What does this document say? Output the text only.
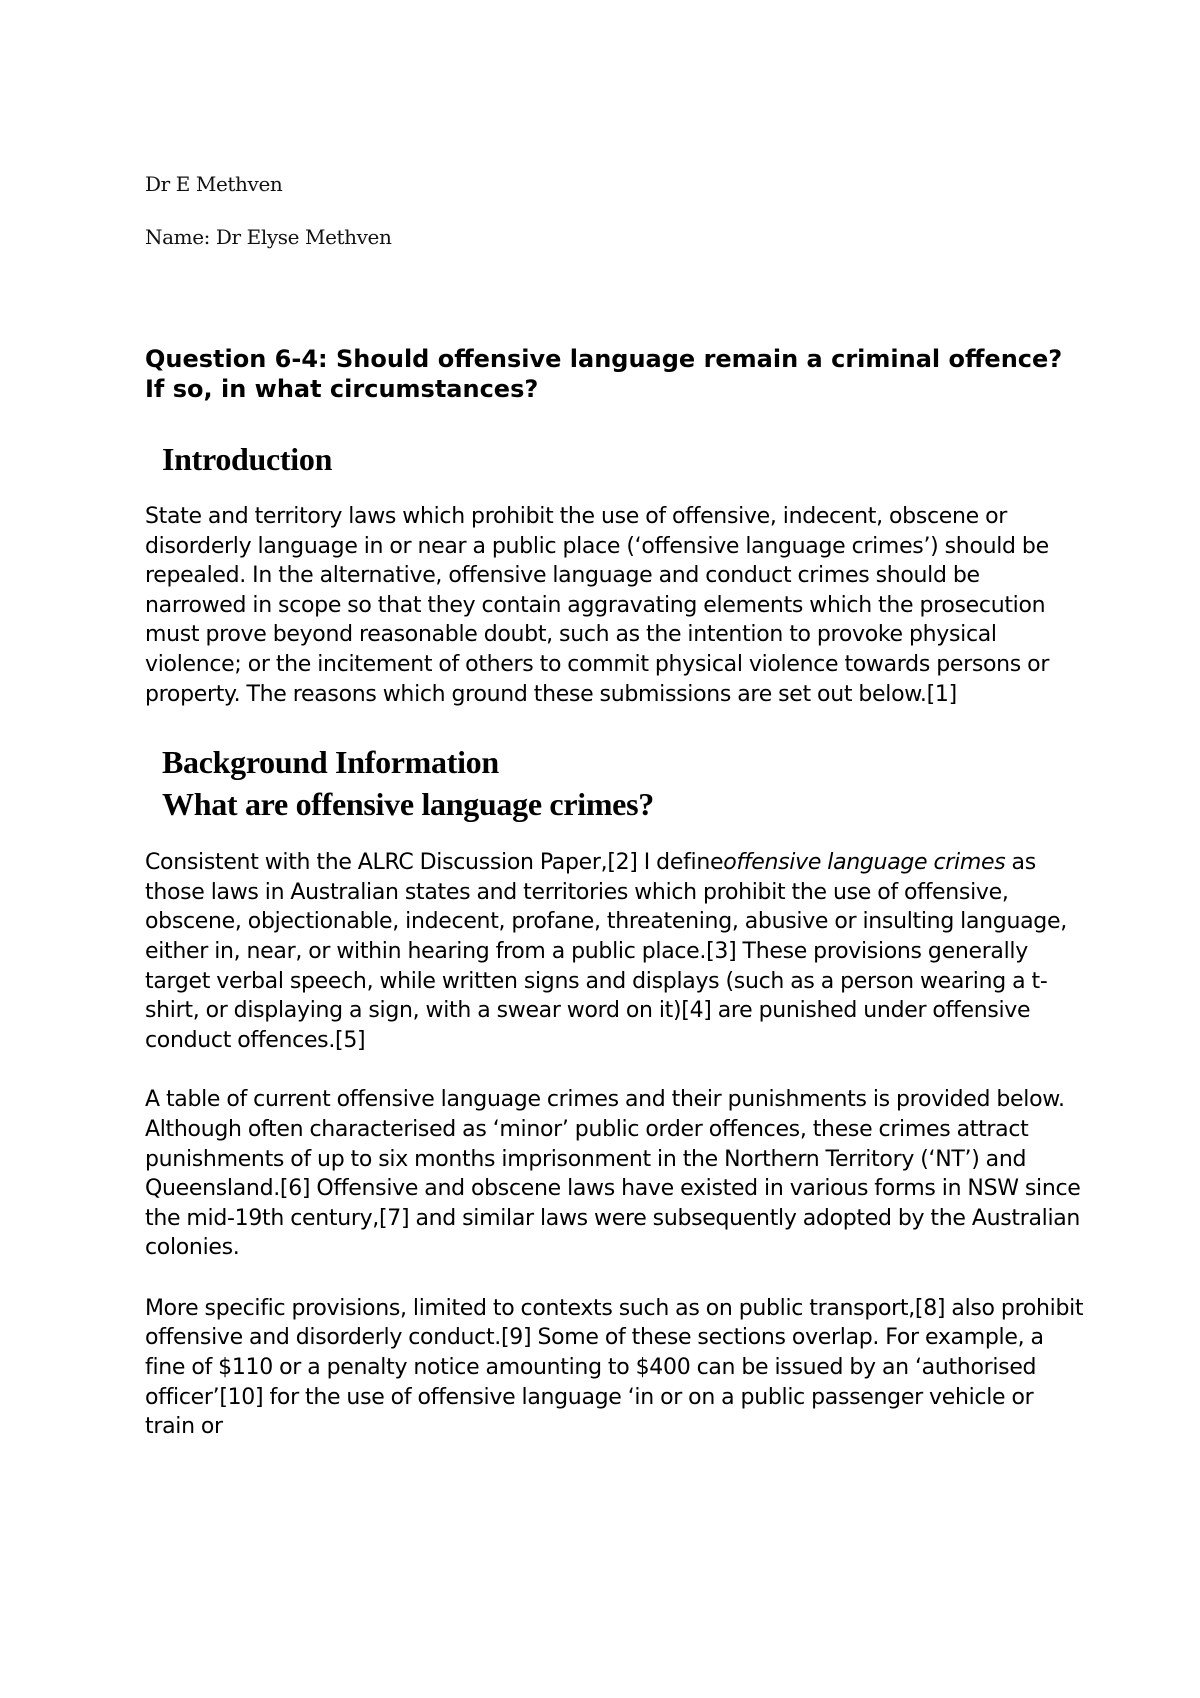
Dr E Methven

Name: Dr Elyse Methven

Question 6-4: Should offensive language remain a criminal offence? If so, in what circumstances?

Introduction

State and territory laws which prohibit the use of offensive, indecent, obscene or disorderly language in or near a public place (‘offensive language crimes’) should be repealed. In the alternative, offensive language and conduct crimes should be narrowed in scope so that they contain aggravating elements which the prosecution must prove beyond reasonable doubt, such as the intention to provoke physical violence; or the incitement of others to commit physical violence towards persons or property. The reasons which ground these submissions are set out below.[1]

Background Information
What are offensive language crimes?

Consistent with the ALRC Discussion Paper,[2] I defineoffensive language crimes as those laws in Australian states and territories which prohibit the use of offensive, obscene, objectionable, indecent, profane, threatening, abusive or insulting language, either in, near, or within hearing from a public place.[3] These provisions generally target verbal speech, while written signs and displays (such as a person wearing a t-shirt, or displaying a sign, with a swear word on it)[4] are punished under offensive conduct offences.[5]

A table of current offensive language crimes and their punishments is provided below. Although often characterised as ‘minor’ public order offences, these crimes attract punishments of up to six months imprisonment in the Northern Territory (‘NT’) and Queensland.[6] Offensive and obscene laws have existed in various forms in NSW since the mid-19th century,[7] and similar laws were subsequently adopted by the Australian colonies.

More specific provisions, limited to contexts such as on public transport,[8] also prohibit offensive and disorderly conduct.[9] Some of these sections overlap. For example, a fine of $110 or a penalty notice amounting to $400 can be issued by an ‘authorised officer’[10] for the use of offensive language ‘in or on a public passenger vehicle or train or
